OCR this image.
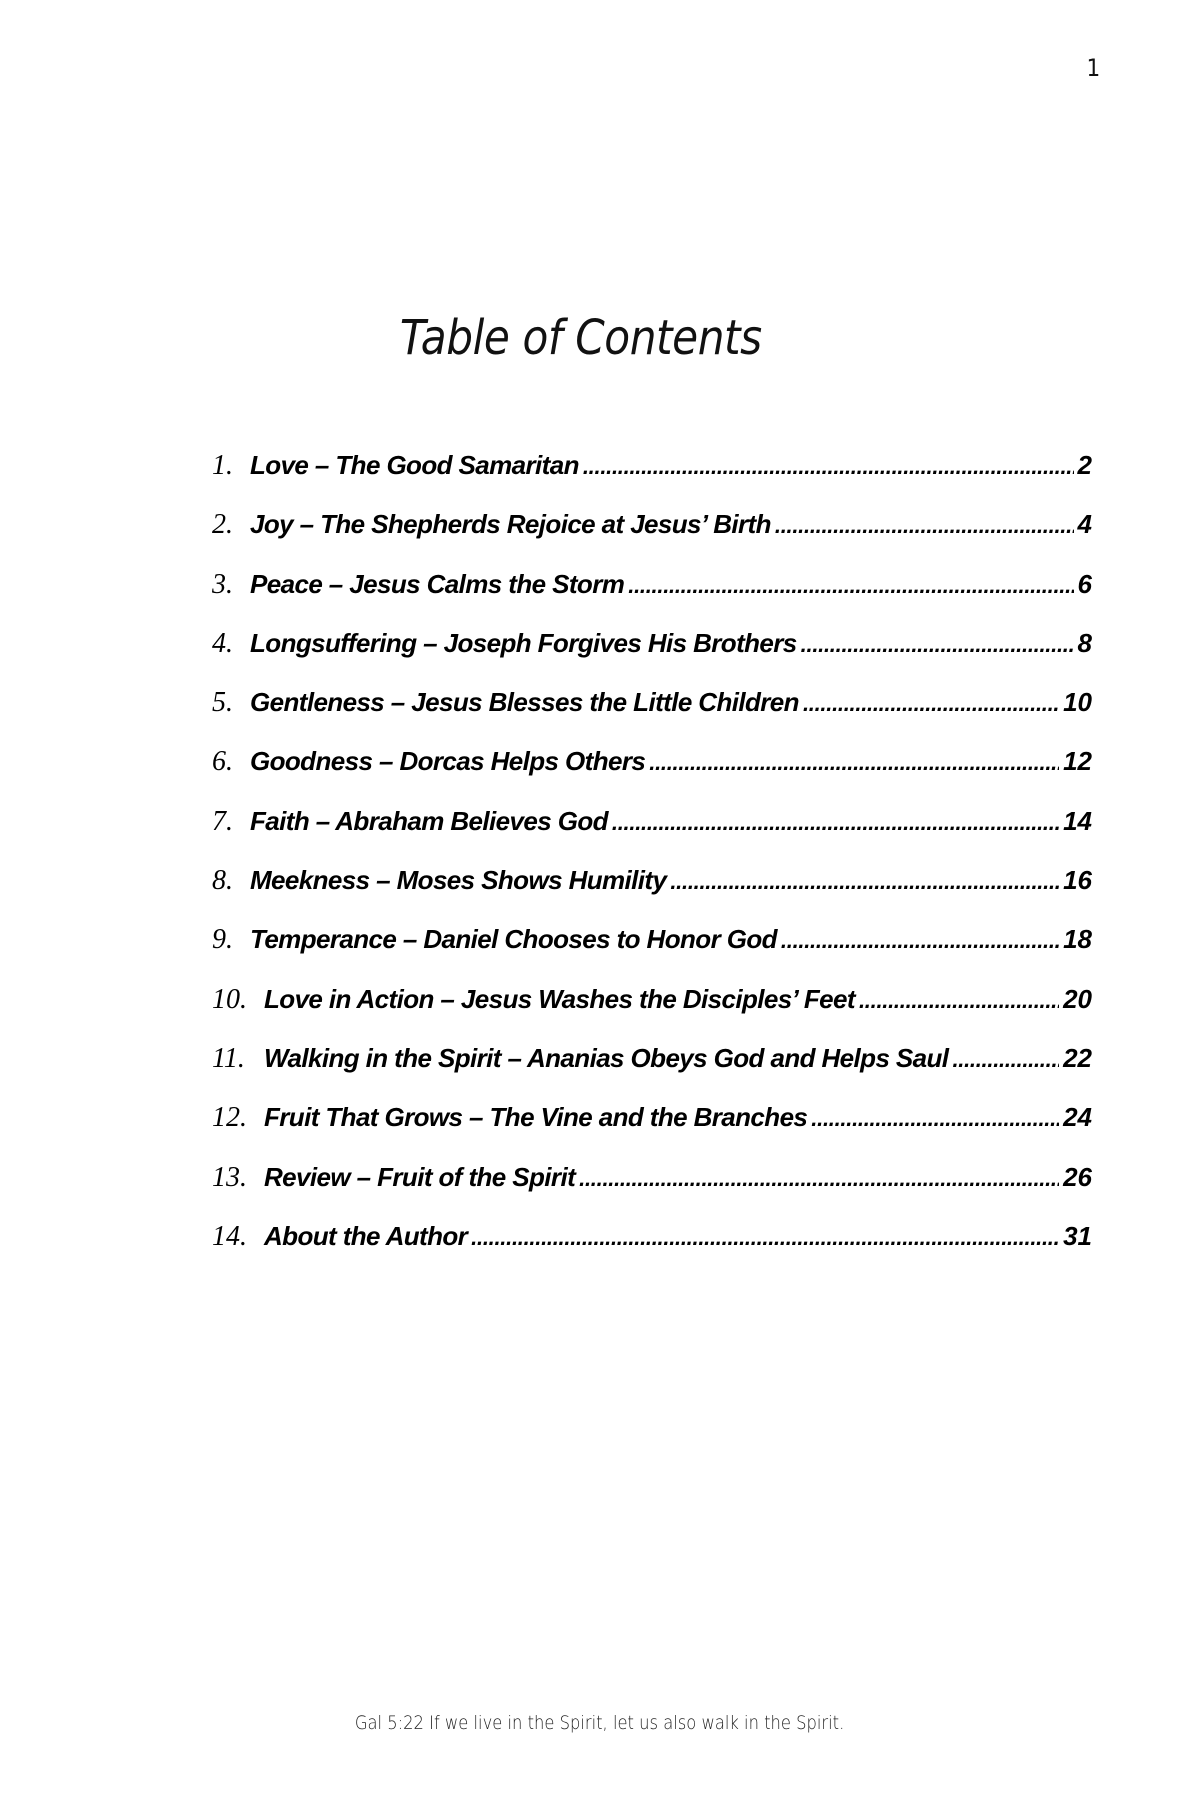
1
Table of Contents
1. Love – The Good Samaritan . . .	2
2. Joy – The Shepherds Rejoice at Jesus’ Birth . . .	4
3. Peace – Jesus Calms the Storm . . .	6
4. Longsuffering – Joseph Forgives His Brothers . . .	8
5. Gentleness – Jesus Blesses the Little Children . . .	10
6. Goodness – Dorcas Helps Others . . .	12
7. Faith – Abraham Believes God . . .	14
8. Meekness – Moses Shows Humility . . .	16
9. Temperance – Daniel Chooses to Honor God . . .	18
10. Love in Action – Jesus Washes the Disciples’ Feet . . .	20
11. Walking in the Spirit – Ananias Obeys God and Helps Saul . . .	22
12. Fruit That Grows – The Vine and the Branches . . .	24
13. Review – Fruit of the Spirit . . .	26
14. About the Author . . .	31
Gal 5:22 If we live in the Spirit, let us also walk in the Spirit.
